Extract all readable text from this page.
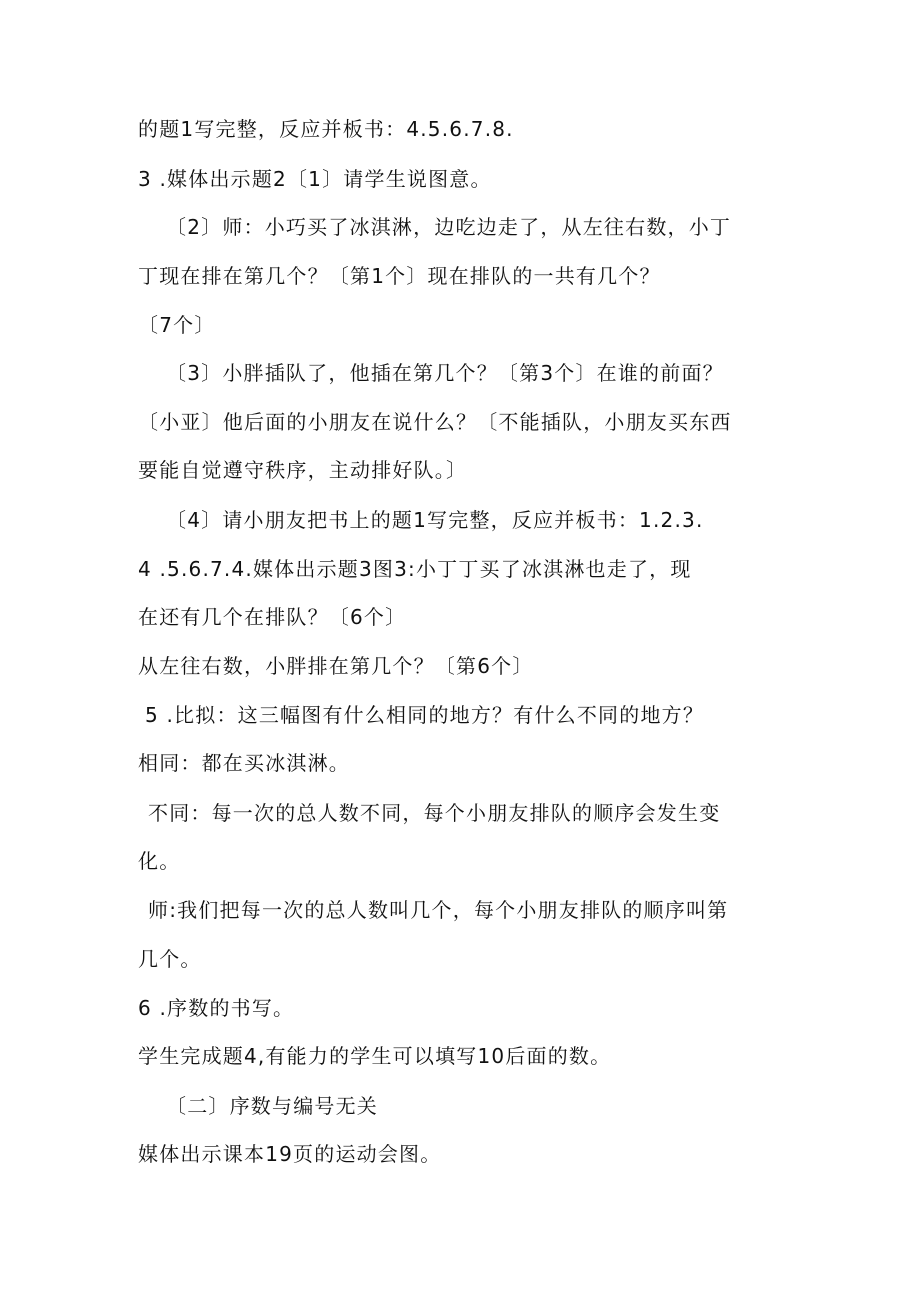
的题1写完整，反应并板书：4.5.6.7.8.
3 .媒体出示题2〔1〕请学生说图意。
〔2〕师：小巧买了冰淇淋，边吃边走了，从左往右数，小丁
丁现在排在第几个？〔第1个〕现在排队的一共有几个？
〔7个〕
〔3〕小胖插队了，他插在第几个？〔第3个〕在谁的前面？
〔小亚〕他后面的小朋友在说什么？〔不能插队，小朋友买东西
要能自觉遵守秩序，主动排好队。〕
〔4〕请小朋友把书上的题1写完整，反应并板书：1.2.3.
4 .5.6.7.4.媒体出示题3图3:小丁丁买了冰淇淋也走了，现
在还有几个在排队？〔6个〕
从左往右数，小胖排在第几个？〔第6个〕
5 .比拟：这三幅图有什么相同的地方？有什么不同的地方？
相同：都在买冰淇淋。
不同：每一次的总人数不同，每个小朋友排队的顺序会发生变
化。
师:我们把每一次的总人数叫几个，每个小朋友排队的顺序叫第
几个。
6 .序数的书写。
学生完成题4,有能力的学生可以填写10后面的数。
〔二〕序数与编号无关
媒体出示课本19页的运动会图。
